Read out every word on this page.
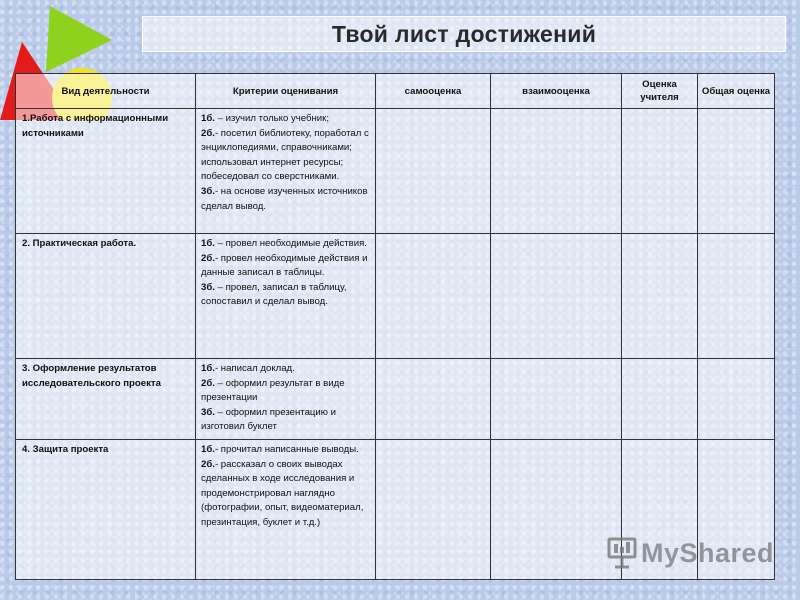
Твой лист достижений
Вид деятельности	Критерии оценивания	самооценка	взаимооценка	Оценка учителя	Общая оценка
1.Работа с информационными источниками	1б. – изучил только учебник;
2б.- посетил библиотеку, поработал с энциклопедиями, справочниками; использовал интернет ресурсы; побеседовал со сверстниками.
3б.- на основе изученных источников сделал вывод.				

2. Практическая работа.	1б. – провел необходимые действия.
2б.- провел необходимые действия и данные записал в таблицы.
3б. – провел, записал в таблицу, сопоставил и сделал вывод.				

3. Оформление результатов исследовательского проекта	1б.- написал доклад.
2б. – оформил результат в виде презентации
3б. – оформил презентацию и изготовил буклет				

4. Защита проекта	1б.- прочитал написанные выводы.
2б.- рассказал о своих выводах сделанных в ходе исследования и продемонстрировал наглядно (фотографии, опыт, видеоматериал, презинтация, буклет и т.д.)				

MyShared
